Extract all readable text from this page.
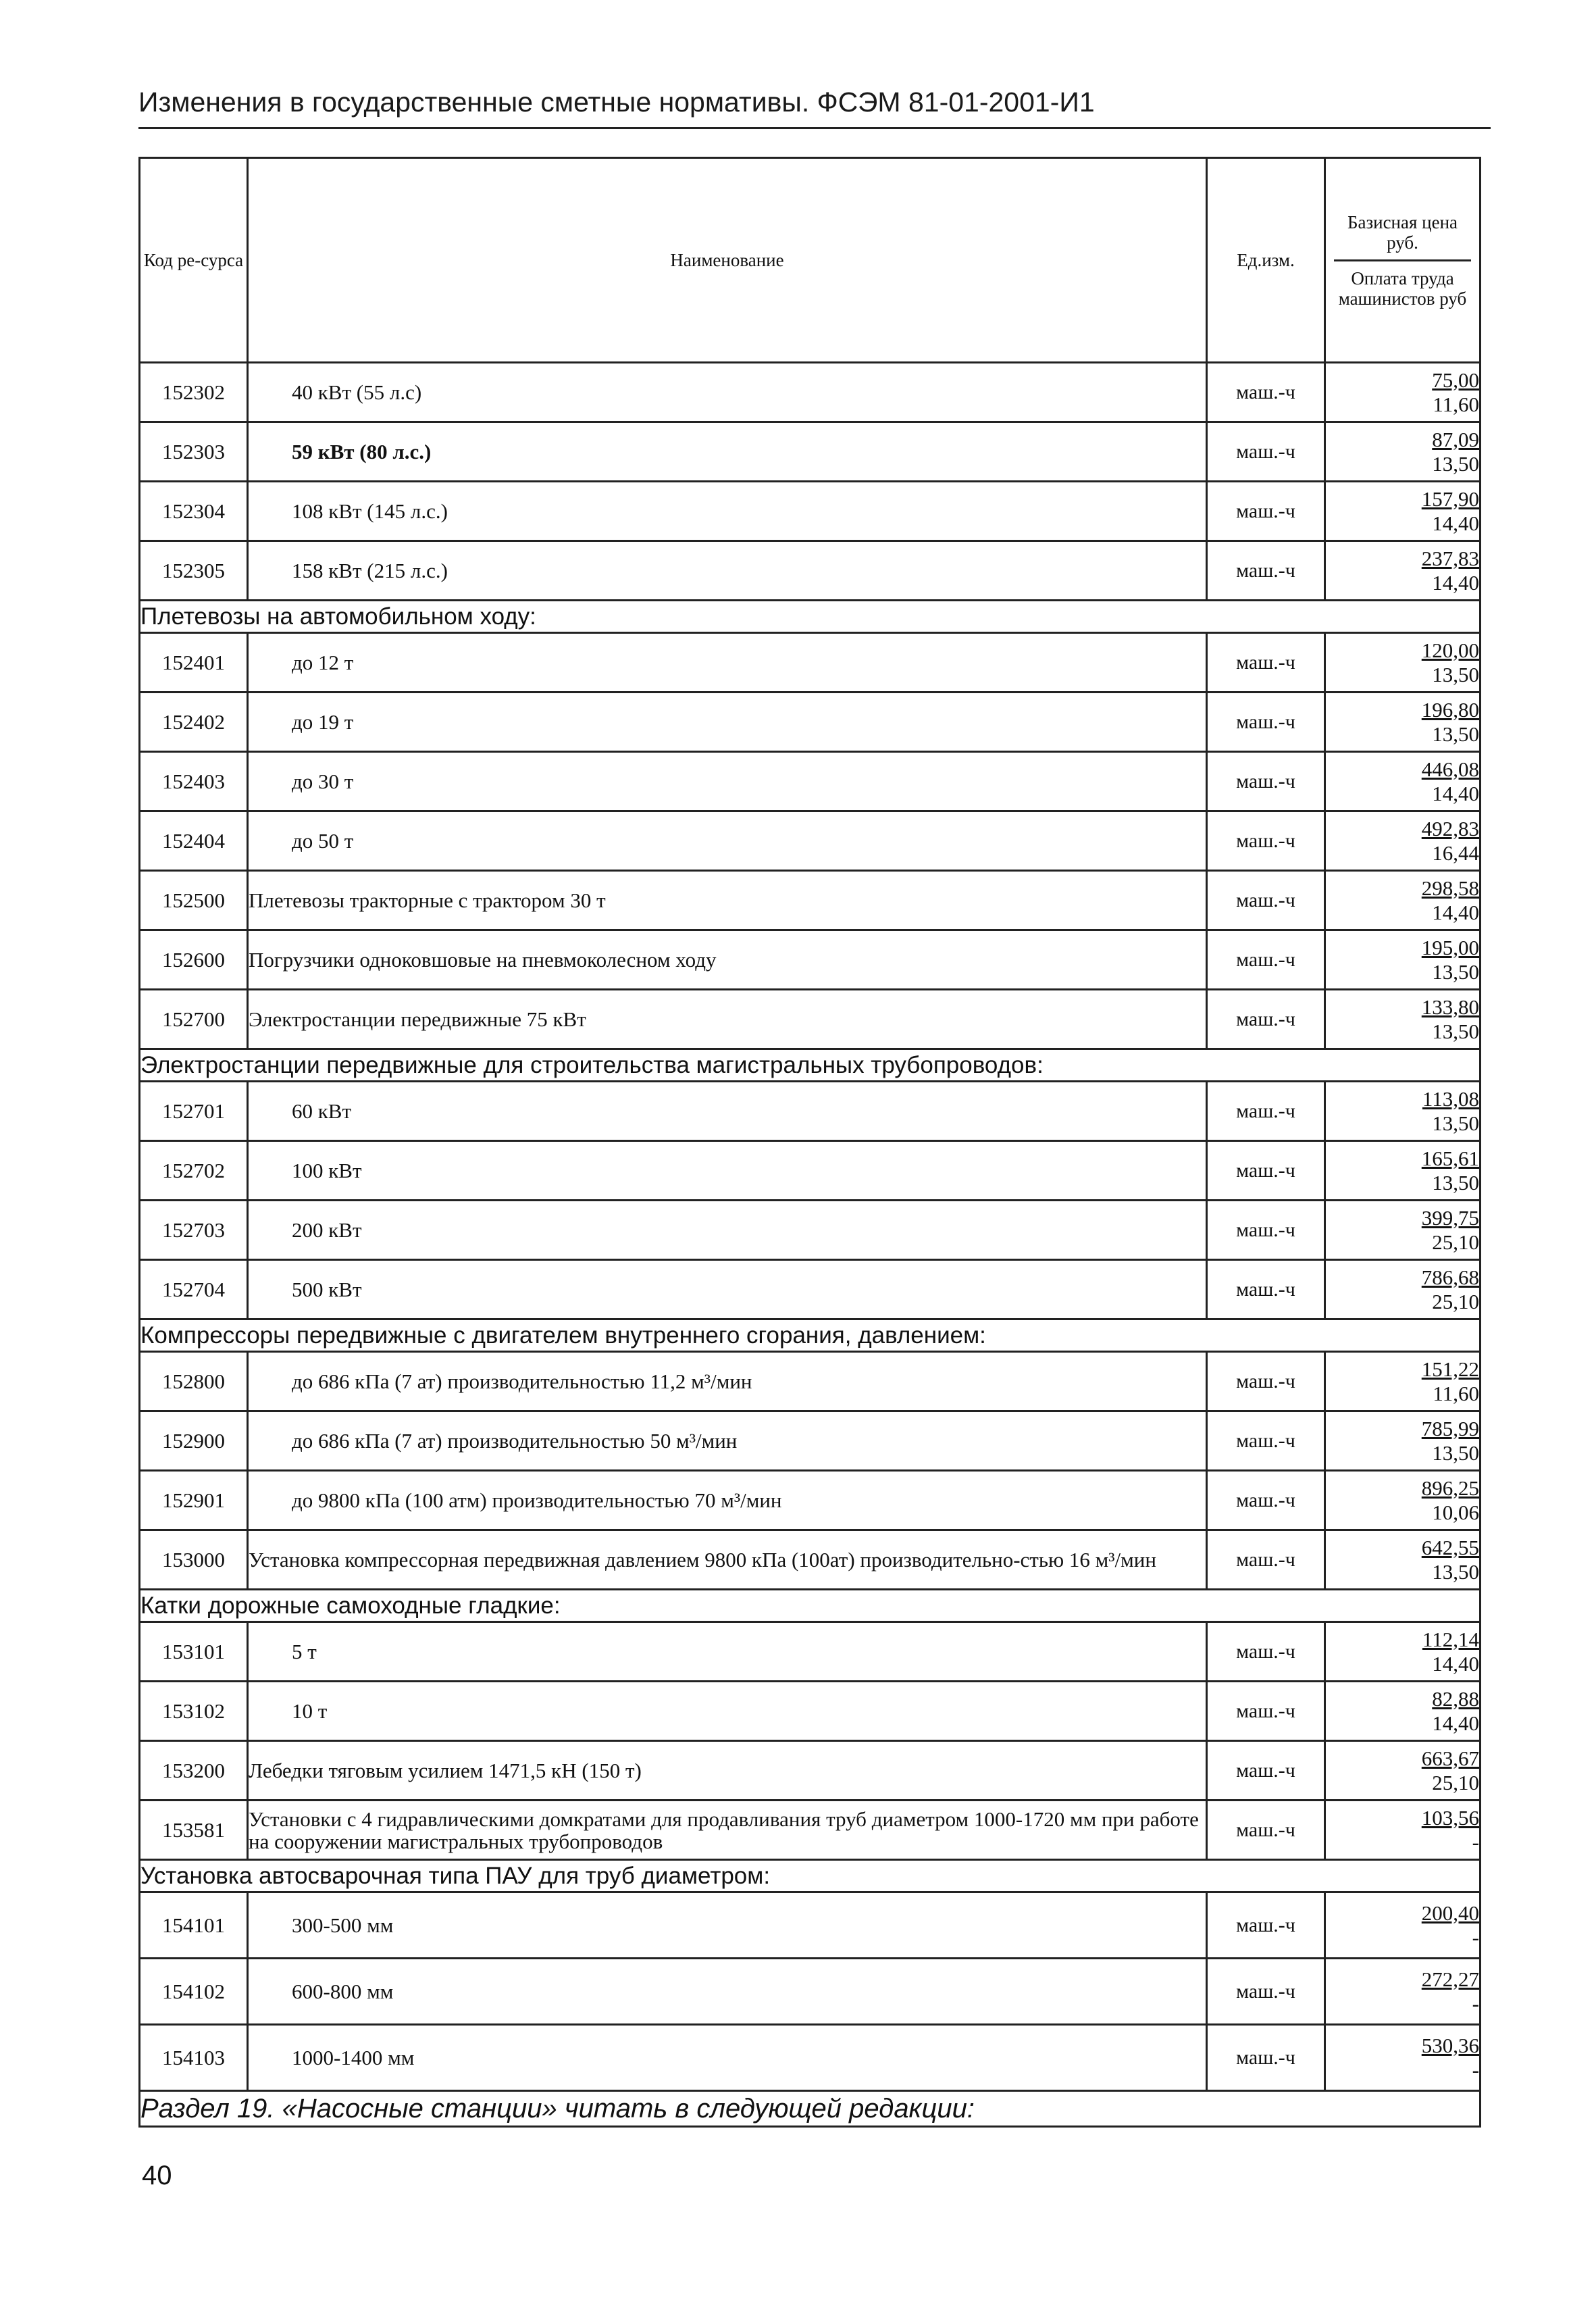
Изменения в государственные сметные нормативы. ФСЭМ 81-01-2001-И1
Код ре-сурса	Наименование	Ед.изм.	Базисная цена руб.
Оплата труда машинистов руб

152302	40 кВт (55 л.с)	маш.-ч	75,00
11,60

152303	59 кВт (80 л.с.)	маш.-ч	87,09
13,50

152304	108 кВт (145 л.с.)	маш.-ч	157,90
14,40

152305	158 кВт (215 л.с.)	маш.-ч	237,83
14,40

Плетевозы на автомобильном ходу:			
152401	до 12 т	маш.-ч	120,00
13,50

152402	до 19 т	маш.-ч	196,80
13,50

152403	до 30 т	маш.-ч	446,08
14,40

152404	до 50 т	маш.-ч	492,83
16,44

152500	Плетевозы тракторные с трактором 30 т	маш.-ч	298,58
14,40

152600	Погрузчики одноковшовые на пневмоколесном ходу	маш.-ч	195,00
13,50

152700	Электростанции передвижные 75 кВт	маш.-ч	133,80
13,50

Электростанции передвижные для строительства магистральных трубопроводов:			
152701	60 кВт	маш.-ч	113,08
13,50

152702	100 кВт	маш.-ч	165,61
13,50

152703	200 кВт	маш.-ч	399,75
25,10

152704	500 кВт	маш.-ч	786,68
25,10

Компрессоры передвижные с двигателем внутреннего сгорания, давлением:			
152800	до 686 кПа (7 ат) производительностью 11,2 м³/мин	маш.-ч	151,22
11,60

152900	до 686 кПа (7 ат) производительностью 50 м³/мин	маш.-ч	785,99
13,50

152901	до 9800 кПа (100 атм) производительностью 70 м³/мин	маш.-ч	896,25
10,06

153000	Установка компрессорная передвижная давлением 9800 кПа (100ат) производительно-стью 16 м³/мин	маш.-ч	642,55
13,50

Катки дорожные самоходные гладкие:			
153101	5 т	маш.-ч	112,14
14,40

153102	10 т	маш.-ч	82,88
14,40

153200	Лебедки тяговым усилием 1471,5 кН (150 т)	маш.-ч	663,67
25,10

153581	Установки с 4 гидравлическими домкратами для продавливания труб диаметром 1000-1720 мм при работе на сооружении магистральных трубопроводов	маш.-ч	103,56
-

Установка автосварочная типа ПАУ для труб диаметром:			
154101	300-500 мм	маш.-ч	200,40
-

154102	600-800 мм	маш.-ч	272,27
-

154103	1000-1400 мм	маш.-ч	530,36
-

Раздел 19. «Насосные станции» читать в следующей редакции:			
40
